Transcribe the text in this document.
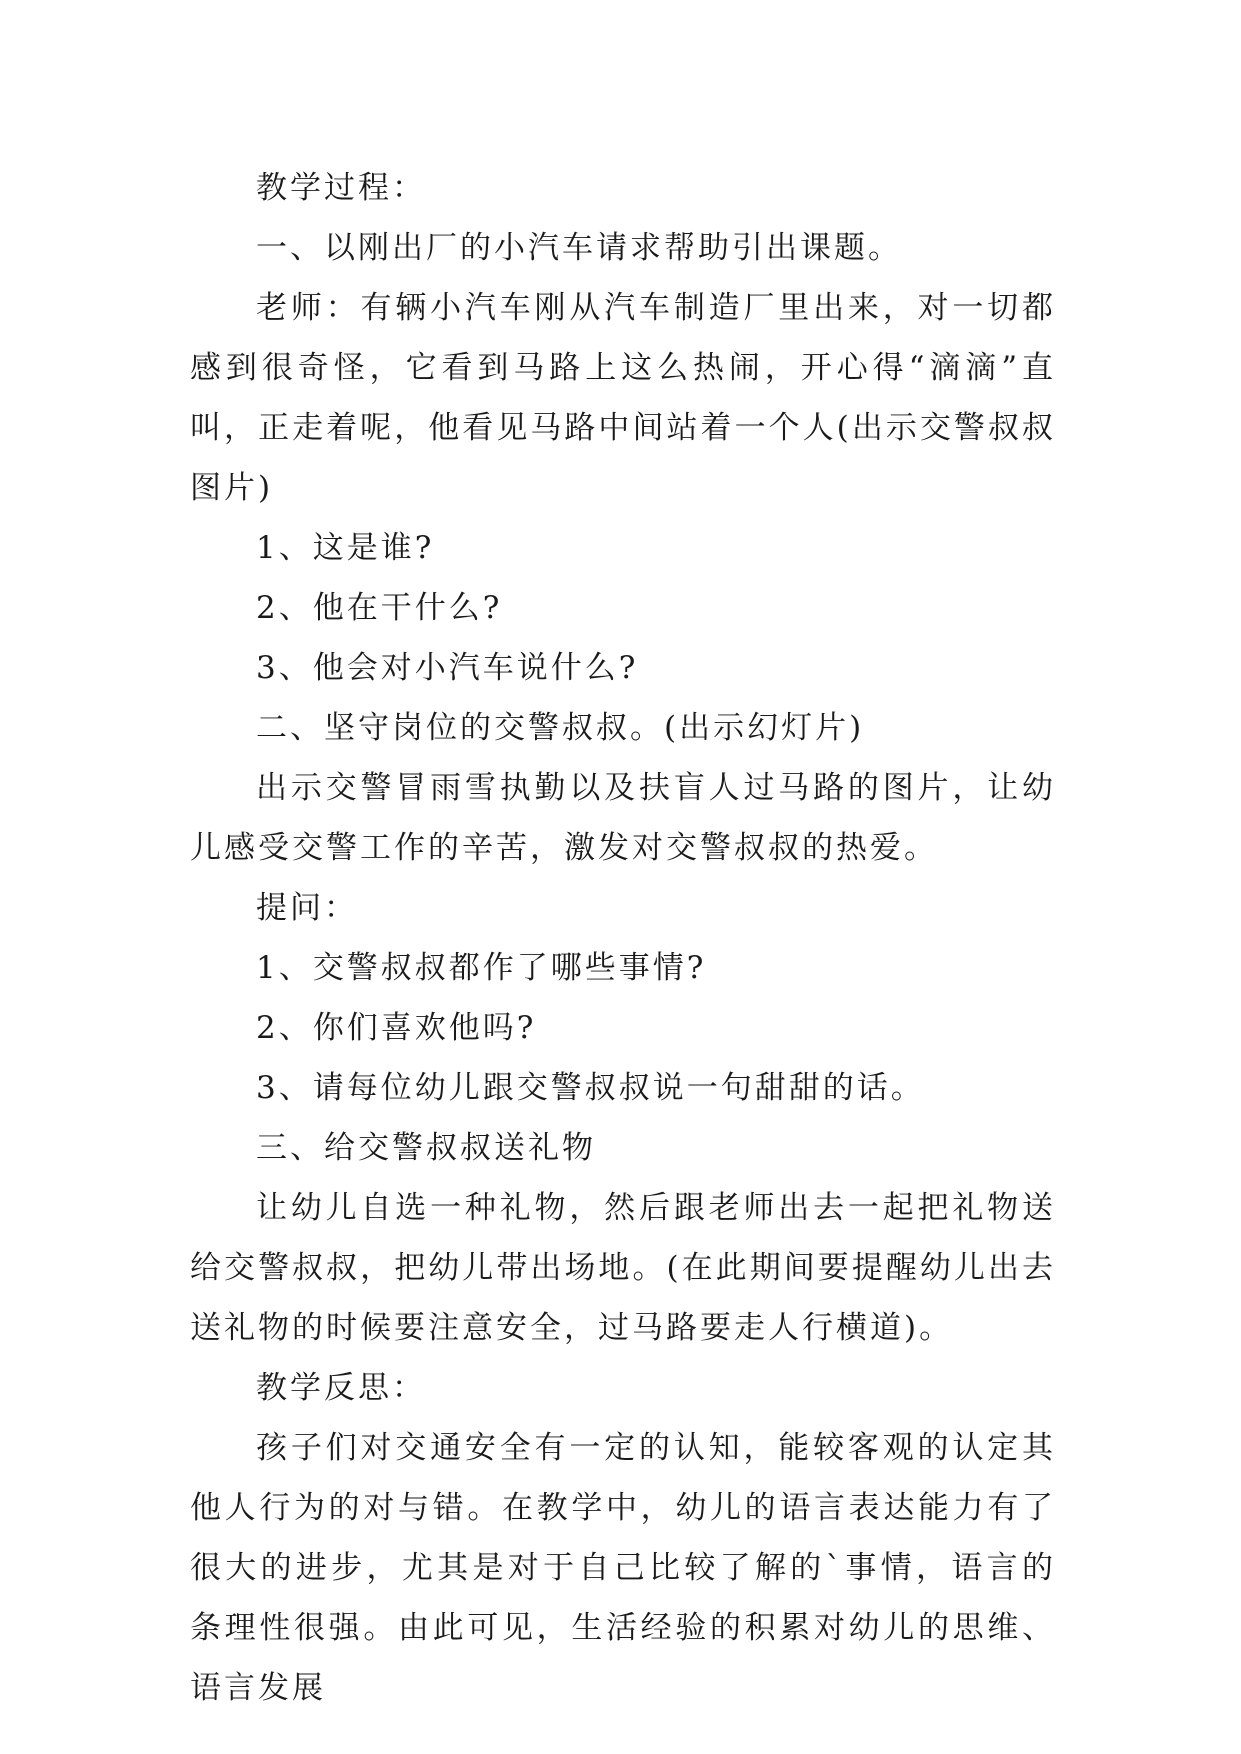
教学过程：

一、以刚出厂的小汽车请求帮助引出课题。

老师：有辆小汽车刚从汽车制造厂里出来，对一切都感到很奇怪，它看到马路上这么热闹，开心得“滴滴”直叫，正走着呢，他看见马路中间站着一个人(出示交警叔叔图片)

1、这是谁?

2、他在干什么?

3、他会对小汽车说什么?

二、坚守岗位的交警叔叔。(出示幻灯片)

出示交警冒雨雪执勤以及扶盲人过马路的图片，让幼儿感受交警工作的辛苦，激发对交警叔叔的热爱。

提问：

1、交警叔叔都作了哪些事情?

2、你们喜欢他吗?

3、请每位幼儿跟交警叔叔说一句甜甜的话。

三、给交警叔叔送礼物

让幼儿自选一种礼物，然后跟老师出去一起把礼物送给交警叔叔，把幼儿带出场地。(在此期间要提醒幼儿出去送礼物的时候要注意安全，过马路要走人行横道)。

教学反思：

孩子们对交通安全有一定的认知，能较客观的认定其他人行为的对与错。在教学中，幼儿的语言表达能力有了很大的进步，尤其是对于自己比较了解的`事情，语言的条理性很强。由此可见，生活经验的积累对幼儿的思维、语言发展
